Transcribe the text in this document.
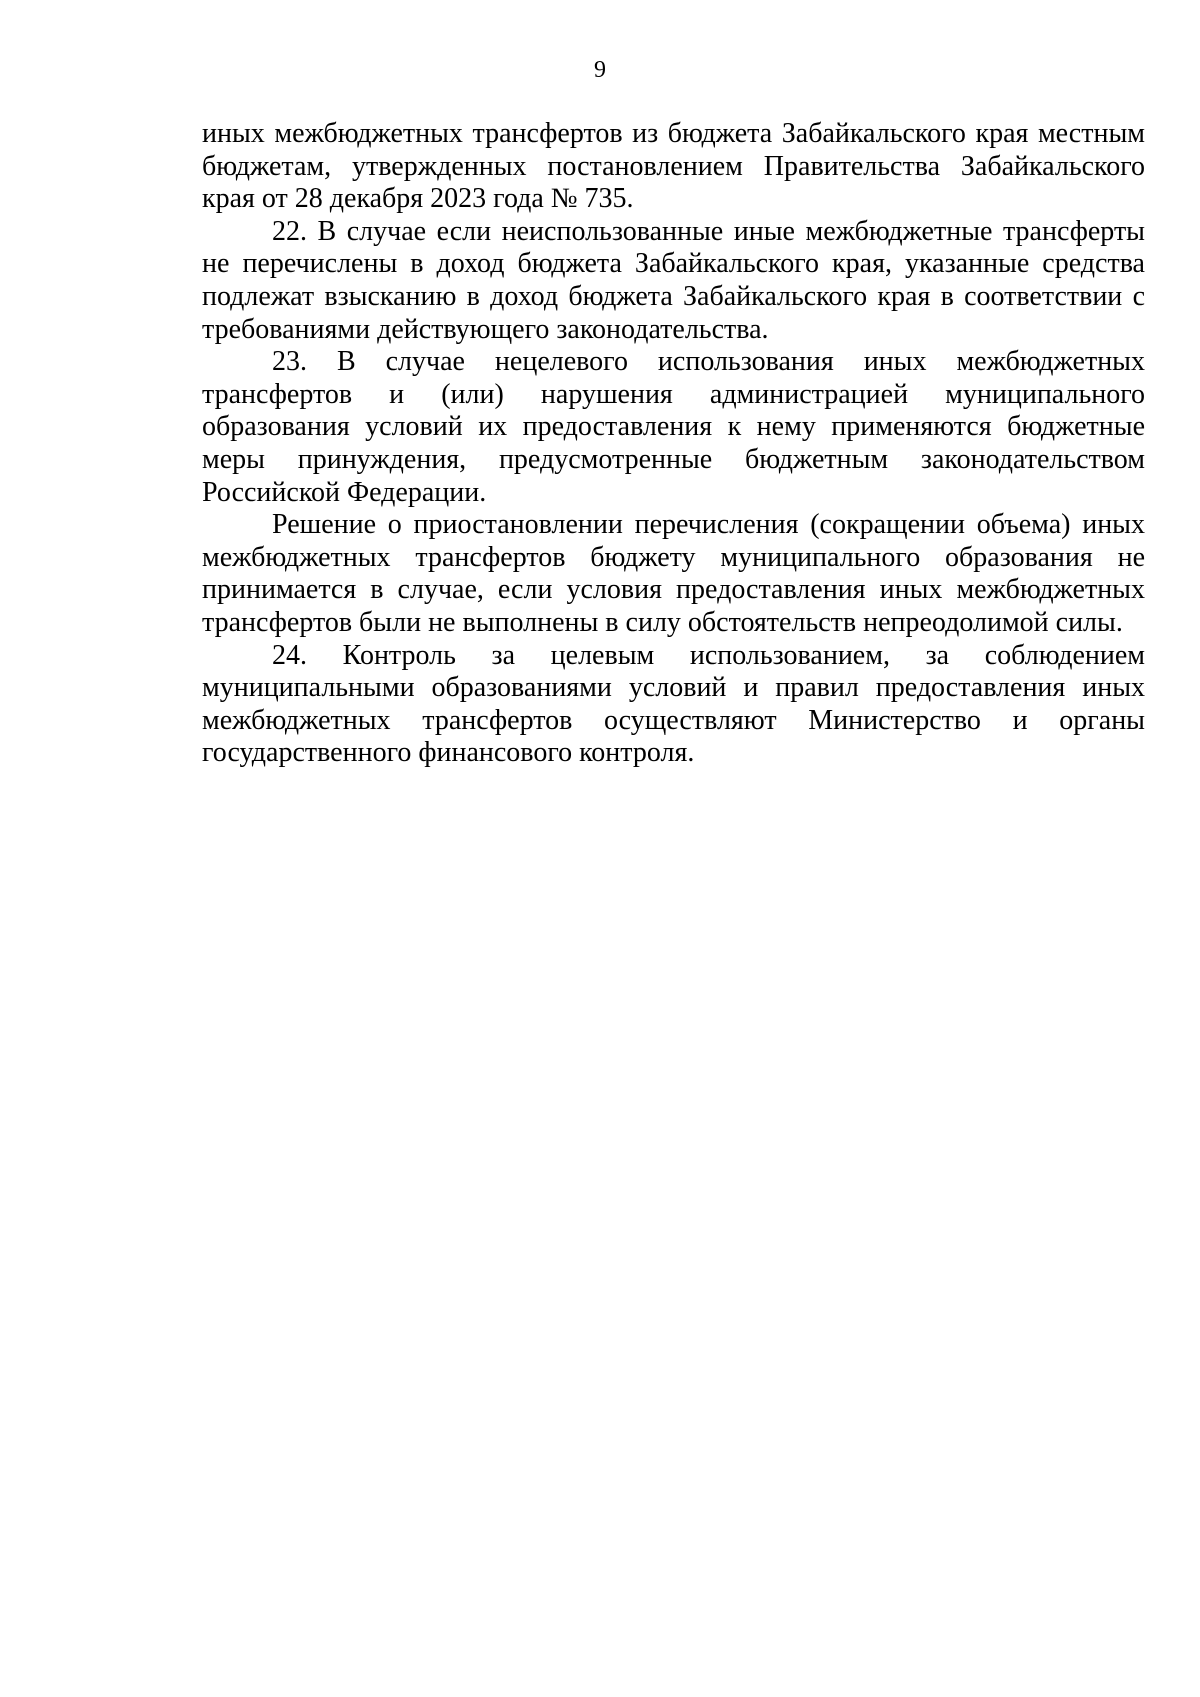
9

иных межбюджетных трансфертов из бюджета Забайкальского края местным бюджетам, утвержденных постановлением Правительства Забайкальского края от 28 декабря 2023 года № 735.

22. В случае если неиспользованные иные межбюджетные трансферты не перечислены в доход бюджета Забайкальского края, указанные средства подлежат взысканию в доход бюджета Забайкальского края в соответствии с требованиями действующего законодательства.

23. В случае нецелевого использования иных межбюджетных трансфертов и (или) нарушения администрацией муниципального образования условий их предоставления к нему применяются бюджетные меры принуждения, предусмотренные бюджетным законодательством Российской Федерации.

Решение о приостановлении перечисления (сокращении объема) иных межбюджетных трансфертов бюджету муниципального образования не принимается в случае, если условия предоставления иных межбюджетных трансфертов были не выполнены в силу обстоятельств непреодолимой силы.

24. Контроль за целевым использованием, за соблюдением муниципальными образованиями условий и правил предоставления иных межбюджетных трансфертов осуществляют Министерство и органы государственного финансового контроля.
